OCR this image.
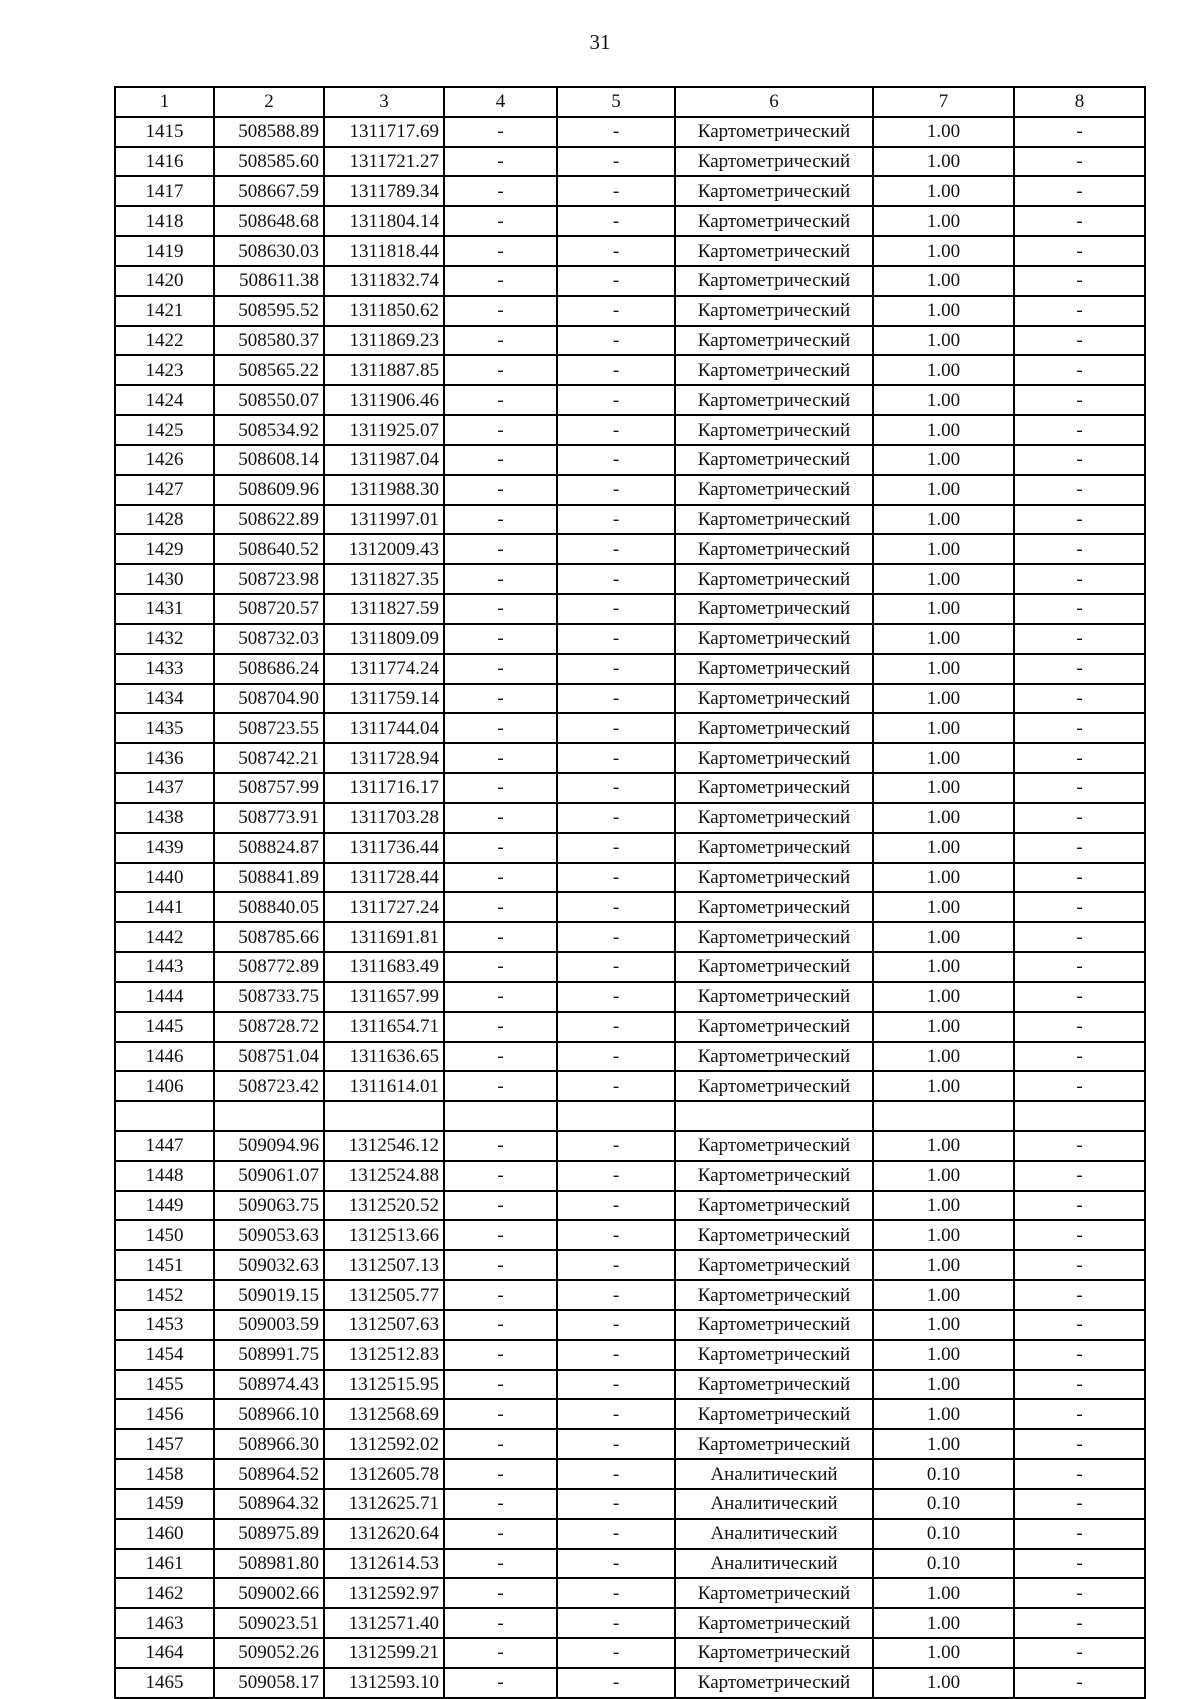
31
1	2	3	4	5	6	7	8
1415	508588.89	1311717.69	-	-	Картометрический	1.00	-
1416	508585.60	1311721.27	-	-	Картометрический	1.00	-
1417	508667.59	1311789.34	-	-	Картометрический	1.00	-
1418	508648.68	1311804.14	-	-	Картометрический	1.00	-
1419	508630.03	1311818.44	-	-	Картометрический	1.00	-
1420	508611.38	1311832.74	-	-	Картометрический	1.00	-
1421	508595.52	1311850.62	-	-	Картометрический	1.00	-
1422	508580.37	1311869.23	-	-	Картометрический	1.00	-
1423	508565.22	1311887.85	-	-	Картометрический	1.00	-
1424	508550.07	1311906.46	-	-	Картометрический	1.00	-
1425	508534.92	1311925.07	-	-	Картометрический	1.00	-
1426	508608.14	1311987.04	-	-	Картометрический	1.00	-
1427	508609.96	1311988.30	-	-	Картометрический	1.00	-
1428	508622.89	1311997.01	-	-	Картометрический	1.00	-
1429	508640.52	1312009.43	-	-	Картометрический	1.00	-
1430	508723.98	1311827.35	-	-	Картометрический	1.00	-
1431	508720.57	1311827.59	-	-	Картометрический	1.00	-
1432	508732.03	1311809.09	-	-	Картометрический	1.00	-
1433	508686.24	1311774.24	-	-	Картометрический	1.00	-
1434	508704.90	1311759.14	-	-	Картометрический	1.00	-
1435	508723.55	1311744.04	-	-	Картометрический	1.00	-
1436	508742.21	1311728.94	-	-	Картометрический	1.00	-
1437	508757.99	1311716.17	-	-	Картометрический	1.00	-
1438	508773.91	1311703.28	-	-	Картометрический	1.00	-
1439	508824.87	1311736.44	-	-	Картометрический	1.00	-
1440	508841.89	1311728.44	-	-	Картометрический	1.00	-
1441	508840.05	1311727.24	-	-	Картометрический	1.00	-
1442	508785.66	1311691.81	-	-	Картометрический	1.00	-
1443	508772.89	1311683.49	-	-	Картометрический	1.00	-
1444	508733.75	1311657.99	-	-	Картометрический	1.00	-
1445	508728.72	1311654.71	-	-	Картометрический	1.00	-
1446	508751.04	1311636.65	-	-	Картометрический	1.00	-
1406	508723.42	1311614.01	-	-	Картометрический	1.00	-

1447	509094.96	1312546.12	-	-	Картометрический	1.00	-
1448	509061.07	1312524.88	-	-	Картометрический	1.00	-
1449	509063.75	1312520.52	-	-	Картометрический	1.00	-
1450	509053.63	1312513.66	-	-	Картометрический	1.00	-
1451	509032.63	1312507.13	-	-	Картометрический	1.00	-
1452	509019.15	1312505.77	-	-	Картометрический	1.00	-
1453	509003.59	1312507.63	-	-	Картометрический	1.00	-
1454	508991.75	1312512.83	-	-	Картометрический	1.00	-
1455	508974.43	1312515.95	-	-	Картометрический	1.00	-
1456	508966.10	1312568.69	-	-	Картометрический	1.00	-
1457	508966.30	1312592.02	-	-	Картометрический	1.00	-
1458	508964.52	1312605.78	-	-	Аналитический	0.10	-
1459	508964.32	1312625.71	-	-	Аналитический	0.10	-
1460	508975.89	1312620.64	-	-	Аналитический	0.10	-
1461	508981.80	1312614.53	-	-	Аналитический	0.10	-
1462	509002.66	1312592.97	-	-	Картометрический	1.00	-
1463	509023.51	1312571.40	-	-	Картометрический	1.00	-
1464	509052.26	1312599.21	-	-	Картометрический	1.00	-
1465	509058.17	1312593.10	-	-	Картометрический	1.00	-
